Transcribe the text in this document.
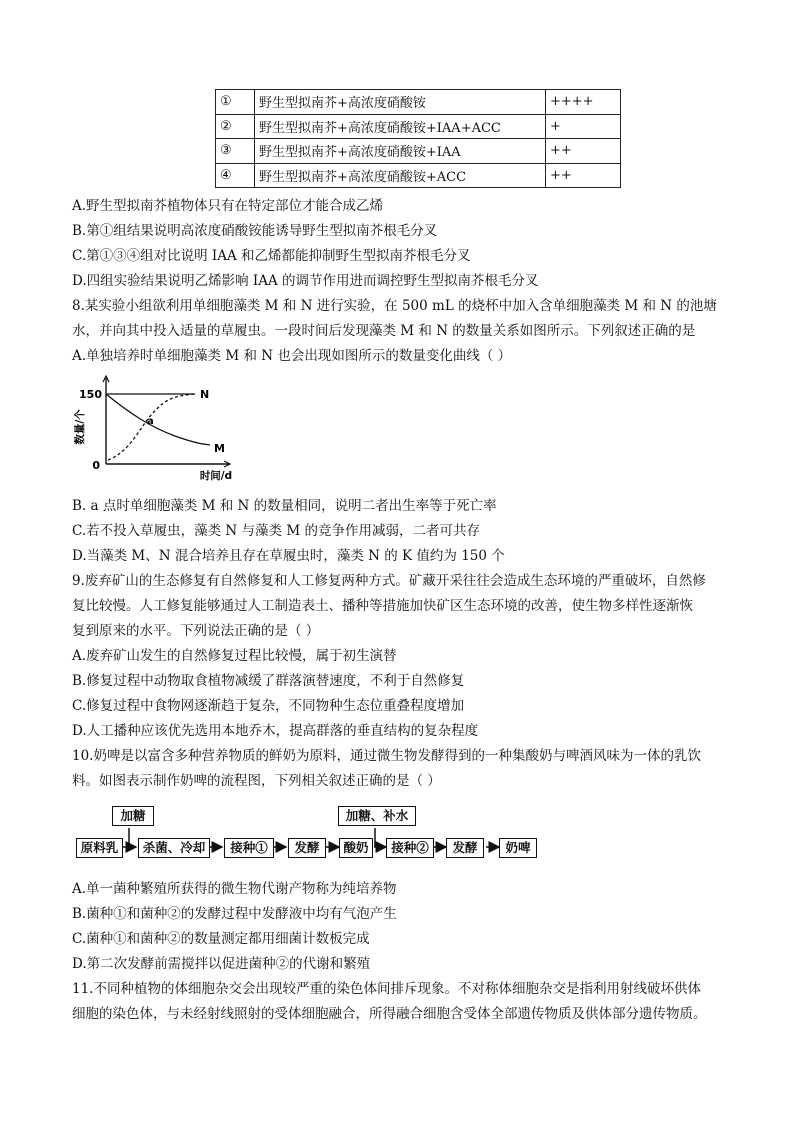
①	野生型拟南芥+高浓度硝酸铵	++++
②	野生型拟南芥+高浓度硝酸铵+IAA+ACC	+
③	野生型拟南芥+高浓度硝酸铵+IAA	++
④	野生型拟南芥+高浓度硝酸铵+ACC	++
A.野生型拟南芥植物体只有在特定部位才能合成乙烯
B.第①组结果说明高浓度硝酸铵能诱导野生型拟南芥根毛分叉
C.第①③④组对比说明 IAA 和乙烯都能抑制野生型拟南芥根毛分叉
D.四组实验结果说明乙烯影响 IAA 的调节作用进而调控野生型拟南芥根毛分叉
8.某实验小组欲利用单细胞藻类 M 和 N 进行实验，在 500 mL 的烧杯中加入含单细胞藻类 M 和 N 的池塘
水，并向其中投入适量的草履虫。一段时间后发现藻类 M 和 N 的数量关系如图所示。下列叙述正确的是
A.单独培养时单细胞藻类 M 和 N 也会出现如图所示的数量变化曲线（ ）
150
0
数量/个
时间/d
N
M
a
B. a 点时单细胞藻类 M 和 N 的数量相同，说明二者出生率等于死亡率
C.若不投入草履虫，藻类 N 与藻类 M 的竞争作用减弱，二者可共存
D.当藻类 M、N 混合培养且存在草履虫时，藻类 N 的 K 值约为 150 个
9.废弃矿山的生态修复有自然修复和人工修复两种方式。矿藏开采往往会造成生态环境的严重破坏，自然修
复比较慢。人工修复能够通过人工制造表土、播种等措施加快矿区生态环境的改善，使生物多样性逐渐恢
复到原来的水平。下列说法正确的是（ ）
A.废弃矿山发生的自然修复过程比较慢，属于初生演替
B.修复过程中动物取食植物减缓了群落演替速度，不利于自然修复
C.修复过程中食物网逐渐趋于复杂，不同物种生态位重叠程度增加
D.人工播种应该优先选用本地乔木，提高群落的垂直结构的复杂程度
10.奶啤是以富含多种营养物质的鲜奶为原料，通过微生物发酵得到的一种集酸奶与啤酒风味为一体的乳饮
料。如图表示制作奶啤的流程图，下列相关叙述正确的是（ ）
加糖	加糖、补水
原料乳	杀菌、冷却	接种①	发酵	酸奶	接种②	发酵	奶啤
A.单一菌种繁殖所获得的微生物代谢产物称为纯培养物
B.菌种①和菌种②的发酵过程中发酵液中均有气泡产生
C.菌种①和菌种②的数量测定都用细菌计数板完成
D.第二次发酵前需搅拌以促进菌种②的代谢和繁殖
11.不同种植物的体细胞杂交会出现较严重的染色体间排斥现象。不对称体细胞杂交是指利用射线破坏供体
细胞的染色体，与未经射线照射的受体细胞融合，所得融合细胞含受体全部遗传物质及供体部分遗传物质。
